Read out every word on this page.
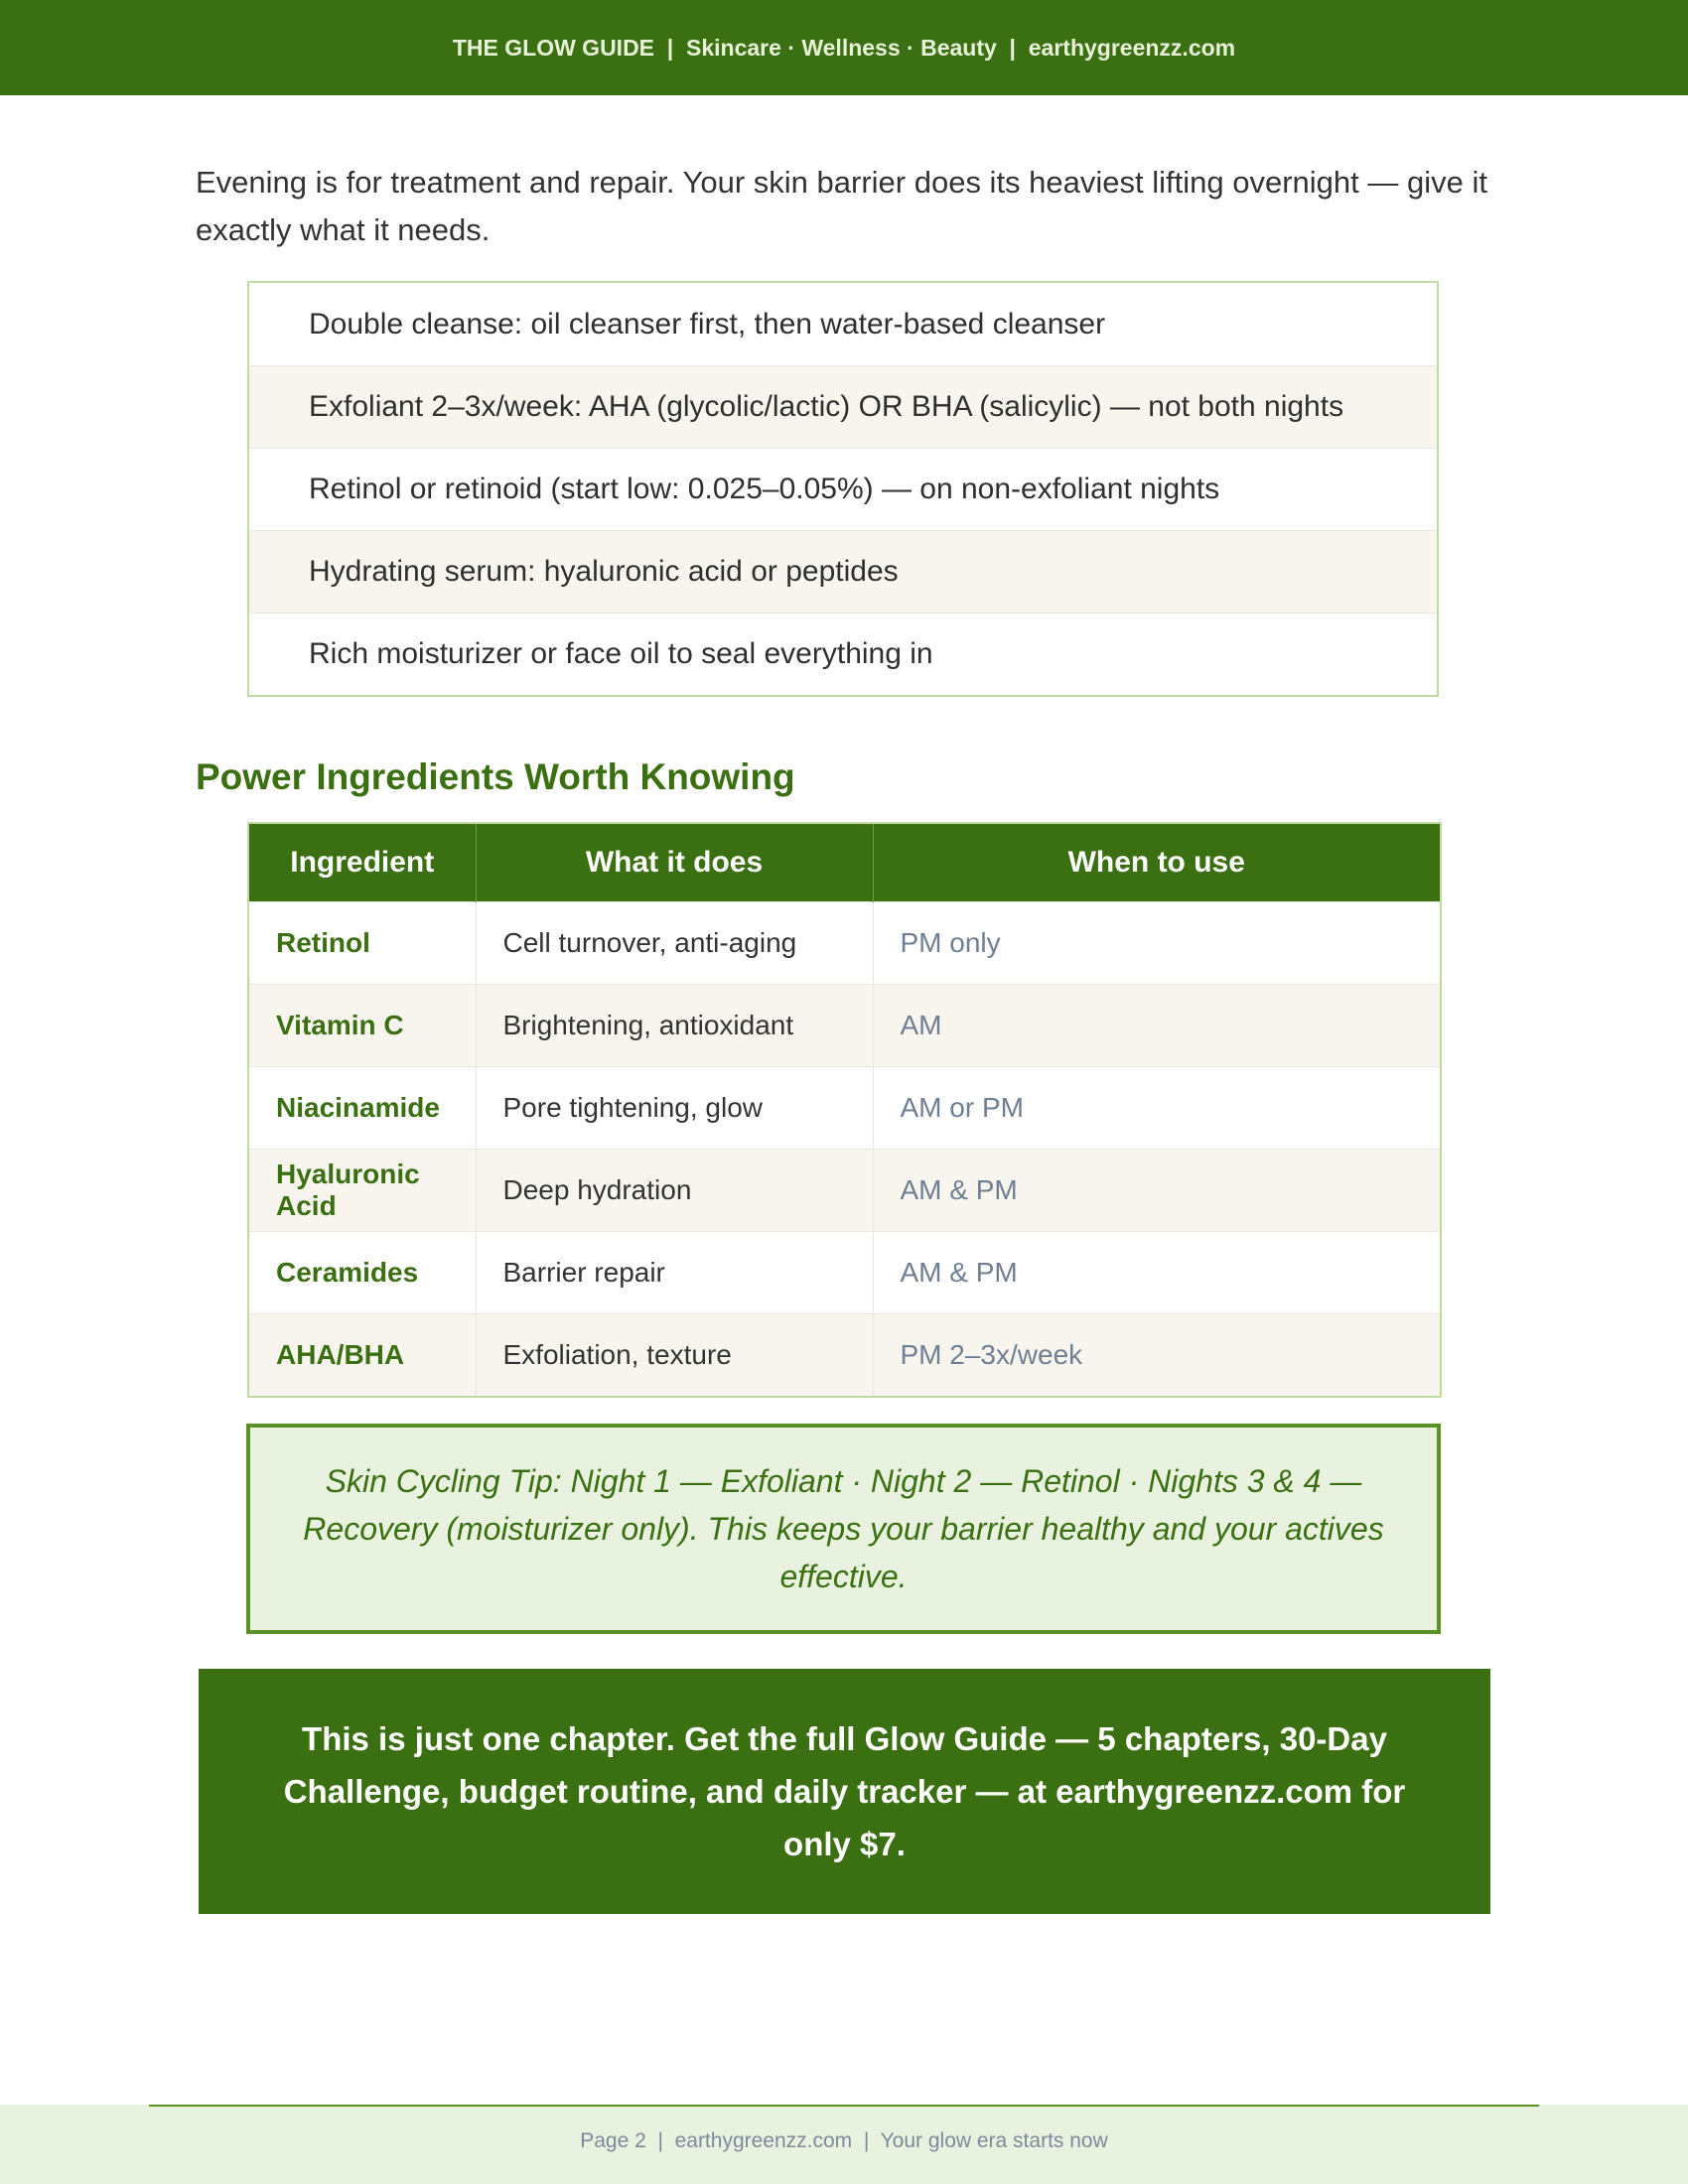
THE GLOW GUIDE  |  Skincare · Wellness · Beauty  |  earthygreenzz.com

Evening is for treatment and repair. Your skin barrier does its heaviest lifting overnight — give it exactly what it needs.

Double cleanse: oil cleanser first, then water-based cleanser
Exfoliant 2–3x/week: AHA (glycolic/lactic) OR BHA (salicylic) — not both nights
Retinol or retinoid (start low: 0.025–0.05%) — on non-exfoliant nights
Hydrating serum: hyaluronic acid or peptides
Rich moisturizer or face oil to seal everything in
Power Ingredients Worth Knowing
Ingredient	What it does	When to use
Retinol	Cell turnover, anti-aging	PM only
Vitamin C	Brightening, antioxidant	AM
Niacinamide	Pore tightening, glow	AM or PM
Hyaluronic Acid	Deep hydration	AM & PM
Ceramides	Barrier repair	AM & PM
AHA/BHA	Exfoliation, texture	PM 2–3x/week

Skin Cycling Tip: Night 1 — Exfoliant · Night 2 — Retinol · Nights 3 & 4 — Recovery (moisturizer only). This keeps your barrier healthy and your actives effective.

This is just one chapter. Get the full Glow Guide — 5 chapters, 30-Day Challenge, budget routine, and daily tracker — at earthygreenzz.com for only $7.

Page 2  |  earthygreenzz.com  |  Your glow era starts now
